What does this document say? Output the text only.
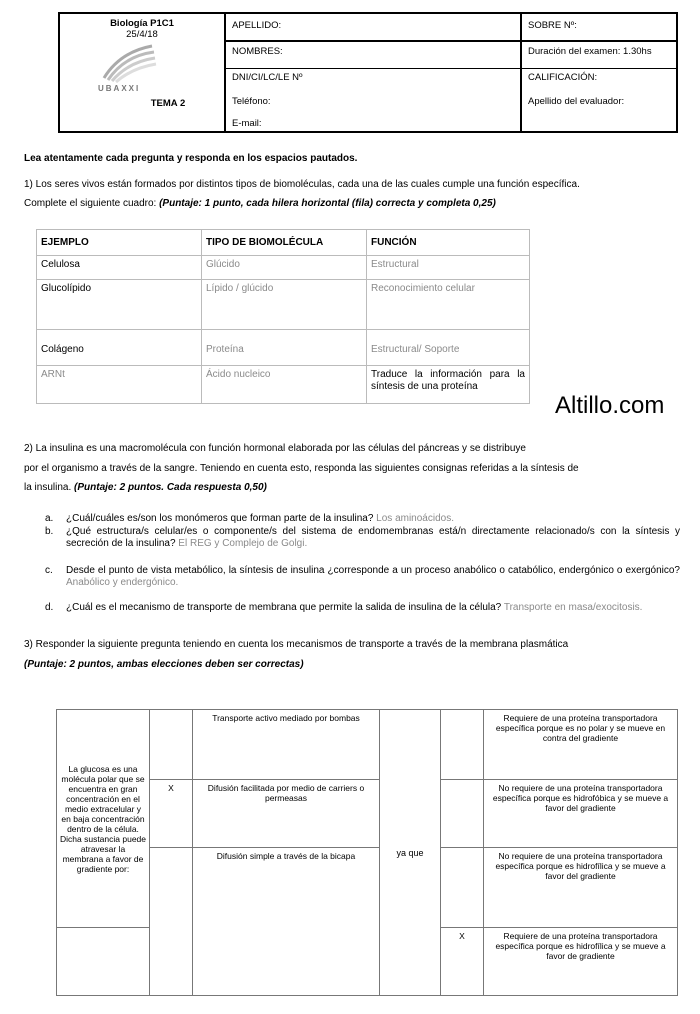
Biología P1C1
25/4/18
UBAXXI
TEMA 2
APELLIDO:
NOMBRES:
DNI/CI/LC/LE Nº
Teléfono:
E-mail:
SOBRE Nº:
Duración del examen: 1.30hs
CALIFICACIÓN:
Apellido del evaluador:

Lea atentamente cada pregunta y responda en los espacios pautados.

1) Los seres vivos están formados por distintos tipos de biomoléculas, cada una de las cuales cumple una función específica.

Complete el siguiente cuadro: (Puntaje: 1 punto, cada hilera horizontal (fila) correcta y completa 0,25)

EJEMPLO	TIPO DE BIOMOLÉCULA	FUNCIÓN
Celulosa	Glúcido	Estructural
Glucolípido	Lípido / glúcido	Reconocimiento celular
Colágeno	Proteína	Estructural/ Soporte
ARNt	Ácido nucleico	Traduce la información para la síntesis de una proteína
Altillo.com

2) La insulina es una macromolécula con función hormonal elaborada por las células del páncreas y se distribuye

por el organismo a través de la sangre. Teniendo en cuenta esto, responda las siguientes consignas referidas a la síntesis de

la insulina. (Puntaje: 2 puntos. Cada respuesta 0,50)

a. ¿Cuál/cuáles es/son los monómeros que forman parte de la insulina? Los aminoácidos.
b. ¿Qué estructura/s celular/es o componente/s del sistema de endomembranas está/n directamente relacionado/s con la síntesis y secreción de la insulina? El REG y Complejo de Golgi.
c. Desde el punto de vista metabólico, la síntesis de insulina ¿corresponde a un proceso anabólico o catabólico, endergónico o exergónico? Anabólico y endergónico.
d. ¿Cuál es el mecanismo de transporte de membrana que permite la salida de insulina de la célula? Transporte en masa/exocitosis.

3) Responder la siguiente pregunta teniendo en cuenta los mecanismos de transporte a través de la membrana plasmática

(Puntaje: 2 puntos, ambas elecciones deben ser correctas)

La glucosa es una molécula polar que se encuentra en gran concentración en el medio extracelular y en baja concentración dentro de la célula. Dicha sustancia puede atravesar la membrana a favor de gradiente por:		Transporte activo mediado por bombas	ya que		Requiere de una proteína transportadora específica porque es no polar y se mueve en contra del gradiente
	X	Difusión facilitada por medio de carriers o permeasas			No requiere de una proteína transportadora específica porque es hidrofóbica y se mueve a favor del gradiente
		Difusión simple a través de la bicapa			No requiere de una proteína transportadora específica porque es hidrofílica y se mueve a favor del gradiente
				X	Requiere de una proteína transportadora específica porque es hidrofílica y se mueve a favor de gradiente
